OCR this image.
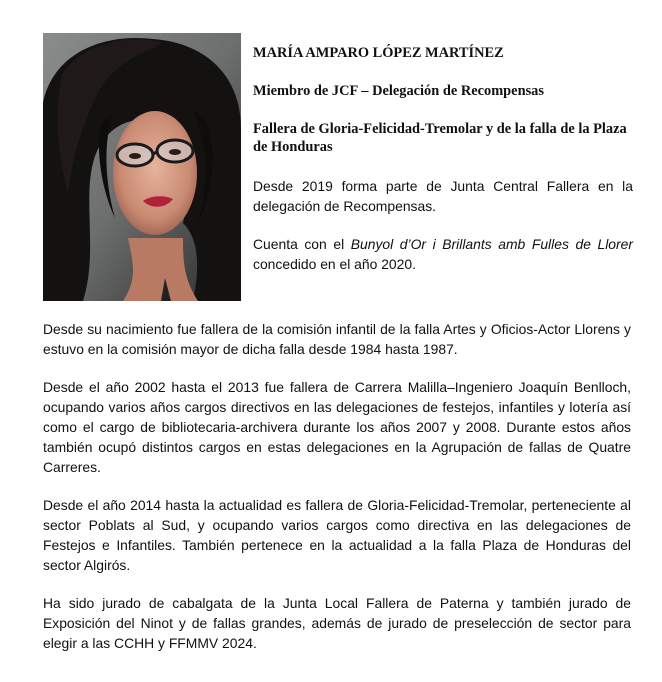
MARÍA AMPARO LÓPEZ MARTÍNEZ

Miembro de JCF – Delegación de Recompensas

Fallera de Gloria-Felicidad-Tremolar y de la falla de la Plaza de Honduras

Desde 2019 forma parte de Junta Central Fallera en la delegación de Recompensas.

Cuenta con el Bunyol d’Or i Brillants amb Fulles de Llorer concedido en el año 2020.

Desde su nacimiento fue fallera de la comisión infantil de la falla Artes y Oficios-Actor Llorens y estuvo en la comisión mayor de dicha falla desde 1984 hasta 1987.

Desde el año 2002 hasta el 2013 fue fallera de Carrera Malilla–Ingeniero Joaquín Benlloch, ocupando varios años cargos directivos en las delegaciones de festejos, infantiles y lotería así como el cargo de bibliotecaria-archivera durante los años 2007 y 2008. Durante estos años también ocupó distintos cargos en estas delegaciones en la Agrupación de fallas de Quatre Carreres.

Desde el año 2014 hasta la actualidad es fallera de Gloria-Felicidad-Tremolar, perteneciente al sector Poblats al Sud, y ocupando varios cargos como directiva en las delegaciones de Festejos e Infantiles. También pertenece en la actualidad a la falla Plaza de Honduras del sector Algirós.

Ha sido jurado de cabalgata de la Junta Local Fallera de Paterna y también jurado de Exposición del Ninot y de fallas grandes, además de jurado de preselección de sector para elegir a las CCHH y FFMMV 2024.
